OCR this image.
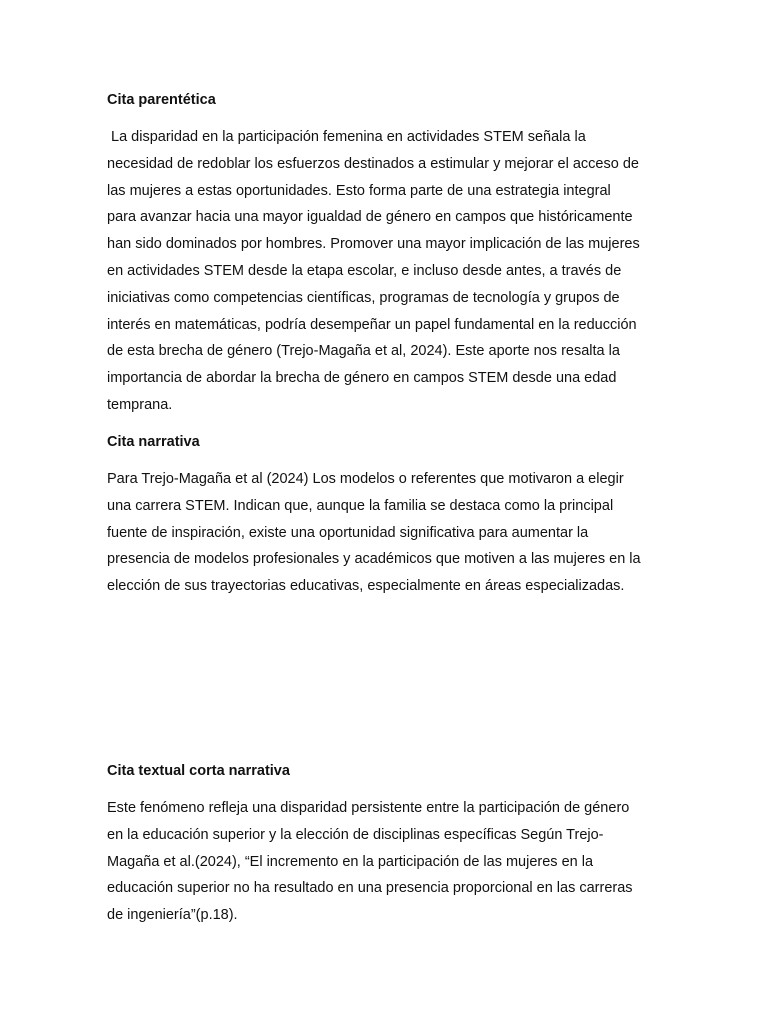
Cita parentética
La disparidad en la participación femenina en actividades STEM señala la
necesidad de redoblar los esfuerzos destinados a estimular y mejorar el acceso de
las mujeres a estas oportunidades. Esto forma parte de una estrategia integral
para avanzar hacia una mayor igualdad de género en campos que históricamente
han sido dominados por hombres. Promover una mayor implicación de las mujeres
en actividades STEM desde la etapa escolar, e incluso desde antes, a través de
iniciativas como competencias científicas, programas de tecnología y grupos de
interés en matemáticas, podría desempeñar un papel fundamental en la reducción
de esta brecha de género (Trejo-Magaña et al, 2024). Este aporte nos resalta la
importancia de abordar la brecha de género en campos STEM desde una edad
temprana.
Cita narrativa
Para Trejo-Magaña et al (2024) Los modelos o referentes que motivaron a elegir
una carrera STEM. Indican que, aunque la familia se destaca como la principal
fuente de inspiración, existe una oportunidad significativa para aumentar la
presencia de modelos profesionales y académicos que motiven a las mujeres en la
elección de sus trayectorias educativas, especialmente en áreas especializadas.
Cita textual corta narrativa
Este fenómeno refleja una disparidad persistente entre la participación de género
en la educación superior y la elección de disciplinas específicas Según Trejo-
Magaña et al.(2024), “El incremento en la participación de las mujeres en la
educación superior no ha resultado en una presencia proporcional en las carreras
de ingeniería”(p.18).
